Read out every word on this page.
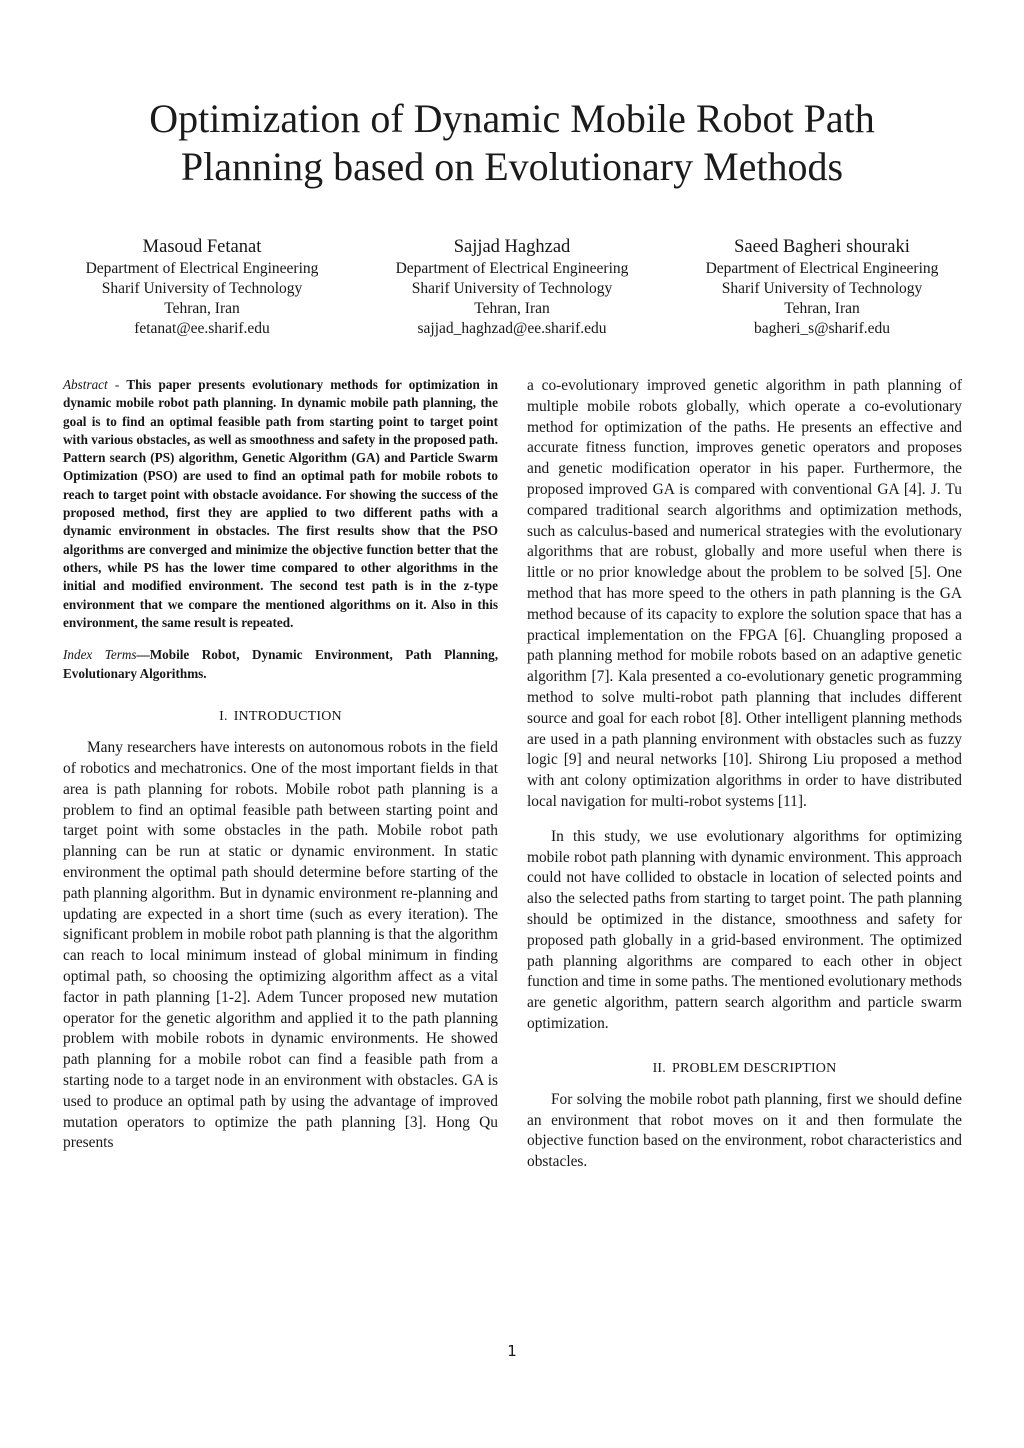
Optimization of Dynamic Mobile Robot Path
Planning based on Evolutionary Methods
Masoud Fetanat
Department of Electrical Engineering
Sharif University of Technology
Tehran, Iran
fetanat@ee.sharif.edu
Sajjad Haghzad
Department of Electrical Engineering
Sharif University of Technology
Tehran, Iran
sajjad_haghzad@ee.sharif.edu
Saeed Bagheri shouraki
Department of Electrical Engineering
Sharif University of Technology
Tehran, Iran
bagheri_s@sharif.edu

Abstract - This paper presents evolutionary methods for optimization in dynamic mobile robot path planning. In dynamic mobile path planning, the goal is to find an optimal feasible path from starting point to target point with various obstacles, as well as smoothness and safety in the proposed path. Pattern search (PS) algorithm, Genetic Algorithm (GA) and Particle Swarm Optimization (PSO) are used to find an optimal path for mobile robots to reach to target point with obstacle avoidance. For showing the success of the proposed method, first they are applied to two different paths with a dynamic environment in obstacles. The first results show that the PSO algorithms are converged and minimize the objective function better that the others, while PS has the lower time compared to other algorithms in the initial and modified environment. The second test path is in the z-type environment that we compare the mentioned algorithms on it. Also in this environment, the same result is repeated.

Index Terms—Mobile Robot, Dynamic Environment, Path Planning, Evolutionary Algorithms.

I. INTRODUCTION

Many researchers have interests on autonomous robots in the field of robotics and mechatronics. One of the most important fields in that area is path planning for robots. Mobile robot path planning is a problem to find an optimal feasible path between starting point and target point with some obstacles in the path. Mobile robot path planning can be run at static or dynamic environment. In static environment the optimal path should determine before starting of the path planning algorithm. But in dynamic environment re-planning and updating are expected in a short time (such as every iteration). The significant problem in mobile robot path planning is that the algorithm can reach to local minimum instead of global minimum in finding optimal path, so choosing the optimizing algorithm affect as a vital factor in path planning [1-2]. Adem Tuncer proposed new mutation operator for the genetic algorithm and applied it to the path planning problem with mobile robots in dynamic environments. He showed path planning for a mobile robot can find a feasible path from a starting node to a target node in an environment with obstacles. GA is used to produce an optimal path by using the advantage of improved mutation operators to optimize the path planning [3]. Hong Qu presents

a co-evolutionary improved genetic algorithm in path planning of multiple mobile robots globally, which operate a co-evolutionary method for optimization of the paths. He presents an effective and accurate fitness function, improves genetic operators and proposes and genetic modification operator in his paper. Furthermore, the proposed improved GA is compared with conventional GA [4]. J. Tu compared traditional search algorithms and optimization methods, such as calculus-based and numerical strategies with the evolutionary algorithms that are robust, globally and more useful when there is little or no prior knowledge about the problem to be solved [5]. One method that has more speed to the others in path planning is the GA method because of its capacity to explore the solution space that has a practical implementation on the FPGA [6]. Chuangling proposed a path planning method for mobile robots based on an adaptive genetic algorithm [7]. Kala presented a co-evolutionary genetic programming method to solve multi-robot path planning that includes different source and goal for each robot [8]. Other intelligent planning methods are used in a path planning environment with obstacles such as fuzzy logic [9] and neural networks [10]. Shirong Liu proposed a method with ant colony optimization algorithms in order to have distributed local navigation for multi-robot systems [11].

In this study, we use evolutionary algorithms for optimizing mobile robot path planning with dynamic environment. This approach could not have collided to obstacle in location of selected points and also the selected paths from starting to target point. The path planning should be optimized in the distance, smoothness and safety for proposed path globally in a grid-based environment. The optimized path planning algorithms are compared to each other in object function and time in some paths. The mentioned evolutionary methods are genetic algorithm, pattern search algorithm and particle swarm optimization.

II. PROBLEM DESCRIPTION

For solving the mobile robot path planning, first we should define an environment that robot moves on it and then formulate the objective function based on the environment, robot characteristics and obstacles.

1
